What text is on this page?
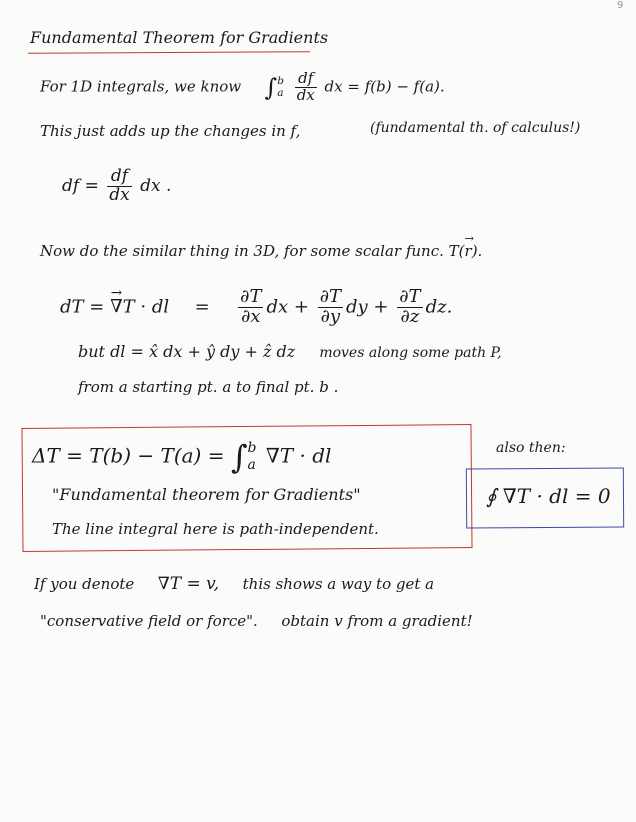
9
Fundamental Theorem for Gradients
For 1D integrals, we know ∫ b
a
$\frac{df}{dx}$ dx = f(b) − f(a).
This just adds up the changes in f,	(fundamental th. of calculus!)
df = $\frac{df}{dx}$ dx .
Now do the similar thing in 3D, for some scalar func. T(→ r).
dT = → ∇T · dl = $\frac{\partial T}{\partial x}$ dx + $\frac{\partial T}{\partial y}$ dy + $\frac{\partial T}{\partial z}$ dz.
but dl = x̂ dx + ŷ dy + ẑ dz moves along some path P,
from a starting pt. a to final pt. b .
ΔT = T(b) − T(a) = ∫ b
a ∇T · dl
"Fundamental theorem for Gradients"
The line integral here is path-independent.
also then:
∮ ∇T · dl = 0
If you denote ∇T = v, this shows a way to get a
"conservative field or force". obtain v from a gradient!
